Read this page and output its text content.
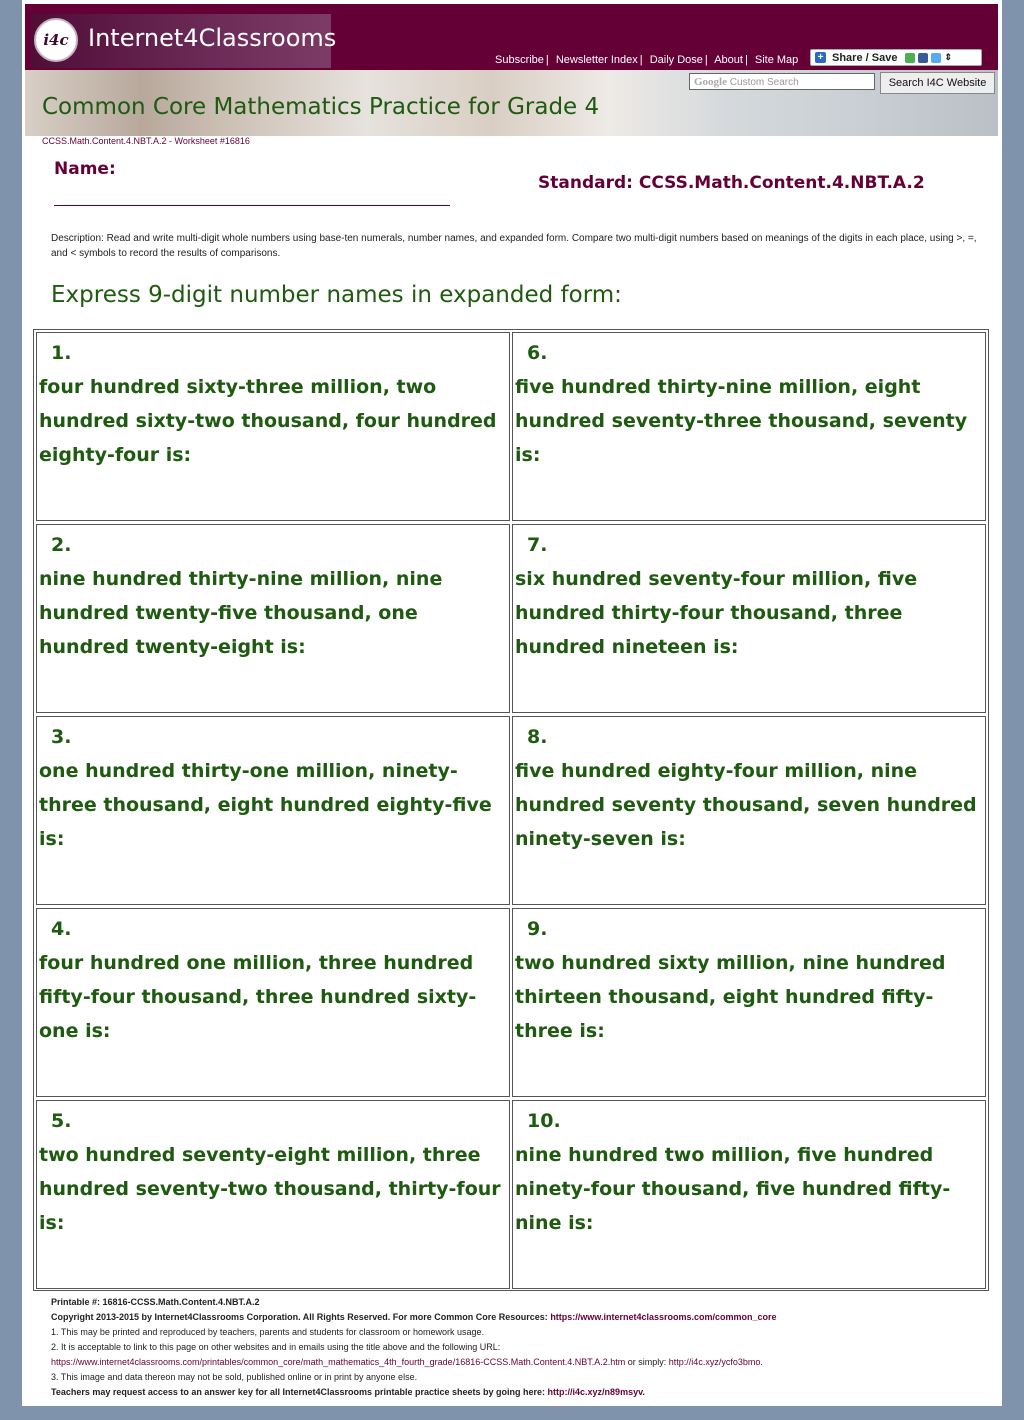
i4c Internet4Classrooms
Subscribe | Newsletter Index | Daily Dose | About | Site Map + Share / Save	⇕
Google Custom Search	Search I4C Website
Common Core Mathematics Practice for Grade 4
CCSS.Math.Content.4.NBT.A.2 - Worksheet #16816
Name:
Standard: CCSS.Math.Content.4.NBT.A.2
Description: Read and write multi-digit whole numbers using base-ten numerals, number names, and expanded form. Compare two multi-digit numbers based on meanings of the digits in each place, using >, =, and < symbols to record the results of comparisons.
Express 9-digit number names in expanded form:
1.
four hundred sixty-three million, two hundred sixty-two thousand, four hundred eighty-four is:
2.
nine hundred thirty-nine million, nine hundred twenty-five thousand, one hundred twenty-eight is:
3.
one hundred thirty-one million, ninety-three thousand, eight hundred eighty-five is:
4.
four hundred one million, three hundred fifty-four thousand, three hundred sixty-one is:
5.
two hundred seventy-eight million, three hundred seventy-two thousand, thirty-four is:
6.
five hundred thirty-nine million, eight hundred seventy-three thousand, seventy is:
7.
six hundred seventy-four million, five hundred thirty-four thousand, three hundred nineteen is:
8.
five hundred eighty-four million, nine hundred seventy thousand, seven hundred ninety-seven is:
9.
two hundred sixty million, nine hundred thirteen thousand, eight hundred fifty-three is:
10.
nine hundred two million, five hundred ninety-four thousand, five hundred fifty-nine is:
Printable #: 16816-CCSS.Math.Content.4.NBT.A.2
Copyright 2013-2015 by Internet4Classrooms Corporation. All Rights Reserved. For more Common Core Resources: https://www.internet4classrooms.com/common_core
1. This may be printed and reproduced by teachers, parents and students for classroom or homework usage.
2. It is acceptable to link to this page on other websites and in emails using the title above and the following URL:
https://www.internet4classrooms.com/printables/common_core/math_mathematics_4th_fourth_grade/16816-CCSS.Math.Content.4.NBT.A.2.htm or simply: http://i4c.xyz/ycfo3bmo.
3. This image and data thereon may not be sold, published online or in print by anyone else.
Teachers may request access to an answer key for all Internet4Classrooms printable practice sheets by going here: http://i4c.xyz/n89msyv.
